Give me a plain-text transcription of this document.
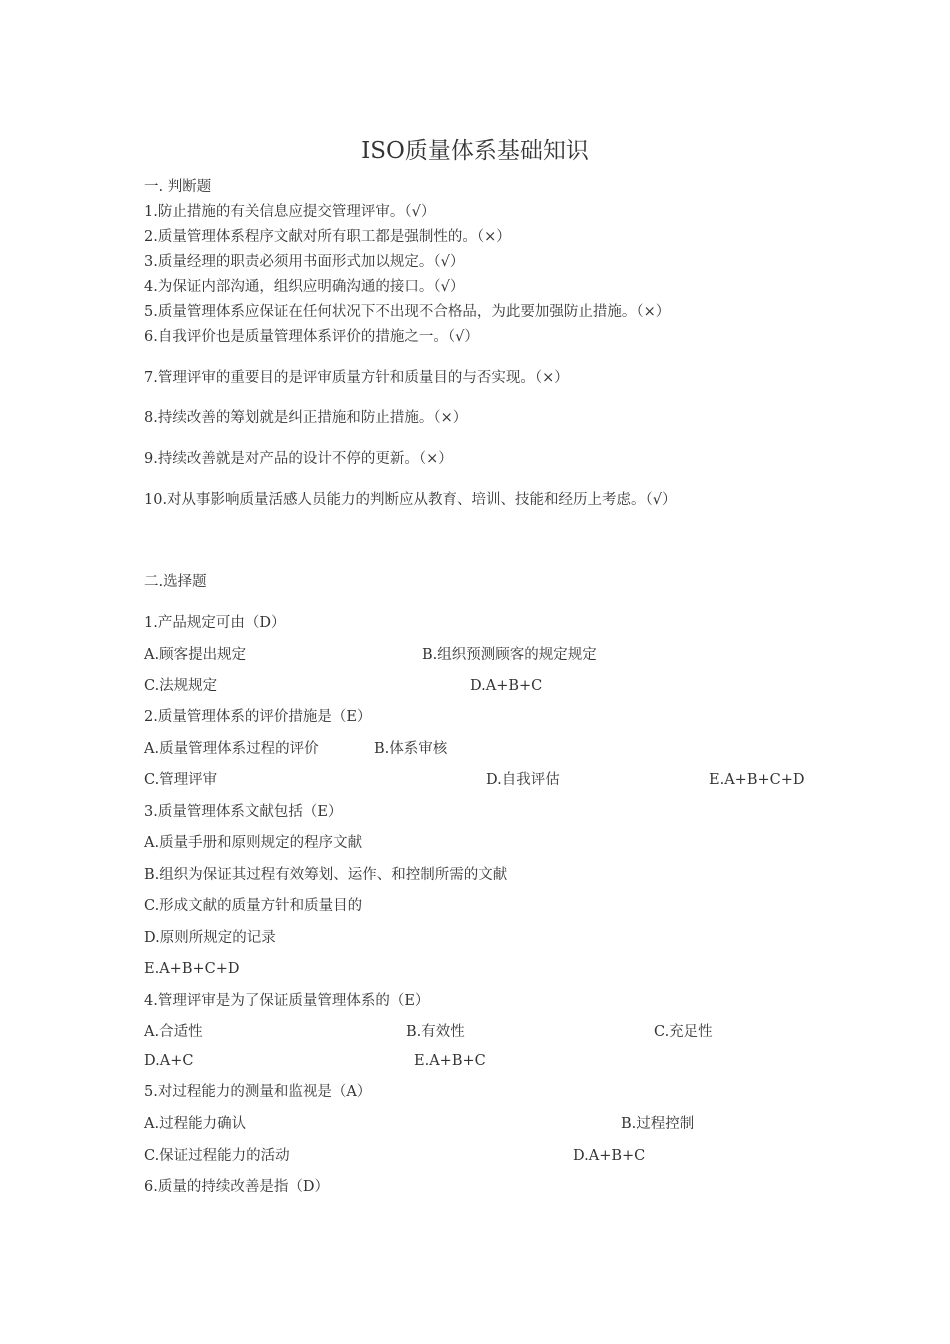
ISO质量体系基础知识
一. 判断题
1.防止措施的有关信息应提交管理评审。（√）
2.质量管理体系程序文献对所有职工都是强制性的。（×）
3.质量经理的职责必须用书面形式加以规定。（√）
4.为保证内部沟通，组织应明确沟通的接口。（√）
5.质量管理体系应保证在任何状况下不出现不合格品，为此要加强防止措施。（×）
6.自我评价也是质量管理体系评价的措施之一。（√）
7.管理评审的重要目的是评审质量方针和质量目的与否实现。（×）
8.持续改善的筹划就是纠正措施和防止措施。（×）
9.持续改善就是对产品的设计不停的更新。（×）
10.对从事影响质量活感人员能力的判断应从教育、培训、技能和经历上考虑。（√）
二.选择题
1.产品规定可由（D）
A.顾客提出规定	B.组织预测顾客的规定规定
C.法规规定	D.A+B+C
2.质量管理体系的评价措施是（E）
A.质量管理体系过程的评价	B.体系审核
C.管理评审	D.自我评估	E.A+B+C+D
3.质量管理体系文献包括（E）
A.质量手册和原则规定的程序文献
B.组织为保证其过程有效筹划、运作、和控制所需的文献
C.形成文献的质量方针和质量目的
D.原则所规定的记录
E.A+B+C+D
4.管理评审是为了保证质量管理体系的（E）
A.合适性	B.有效性	C.充足性
D.A+C	E.A+B+C
5.对过程能力的测量和监视是（A）
A.过程能力确认	B.过程控制
C.保证过程能力的活动	D.A+B+C
6.质量的持续改善是指（D）
